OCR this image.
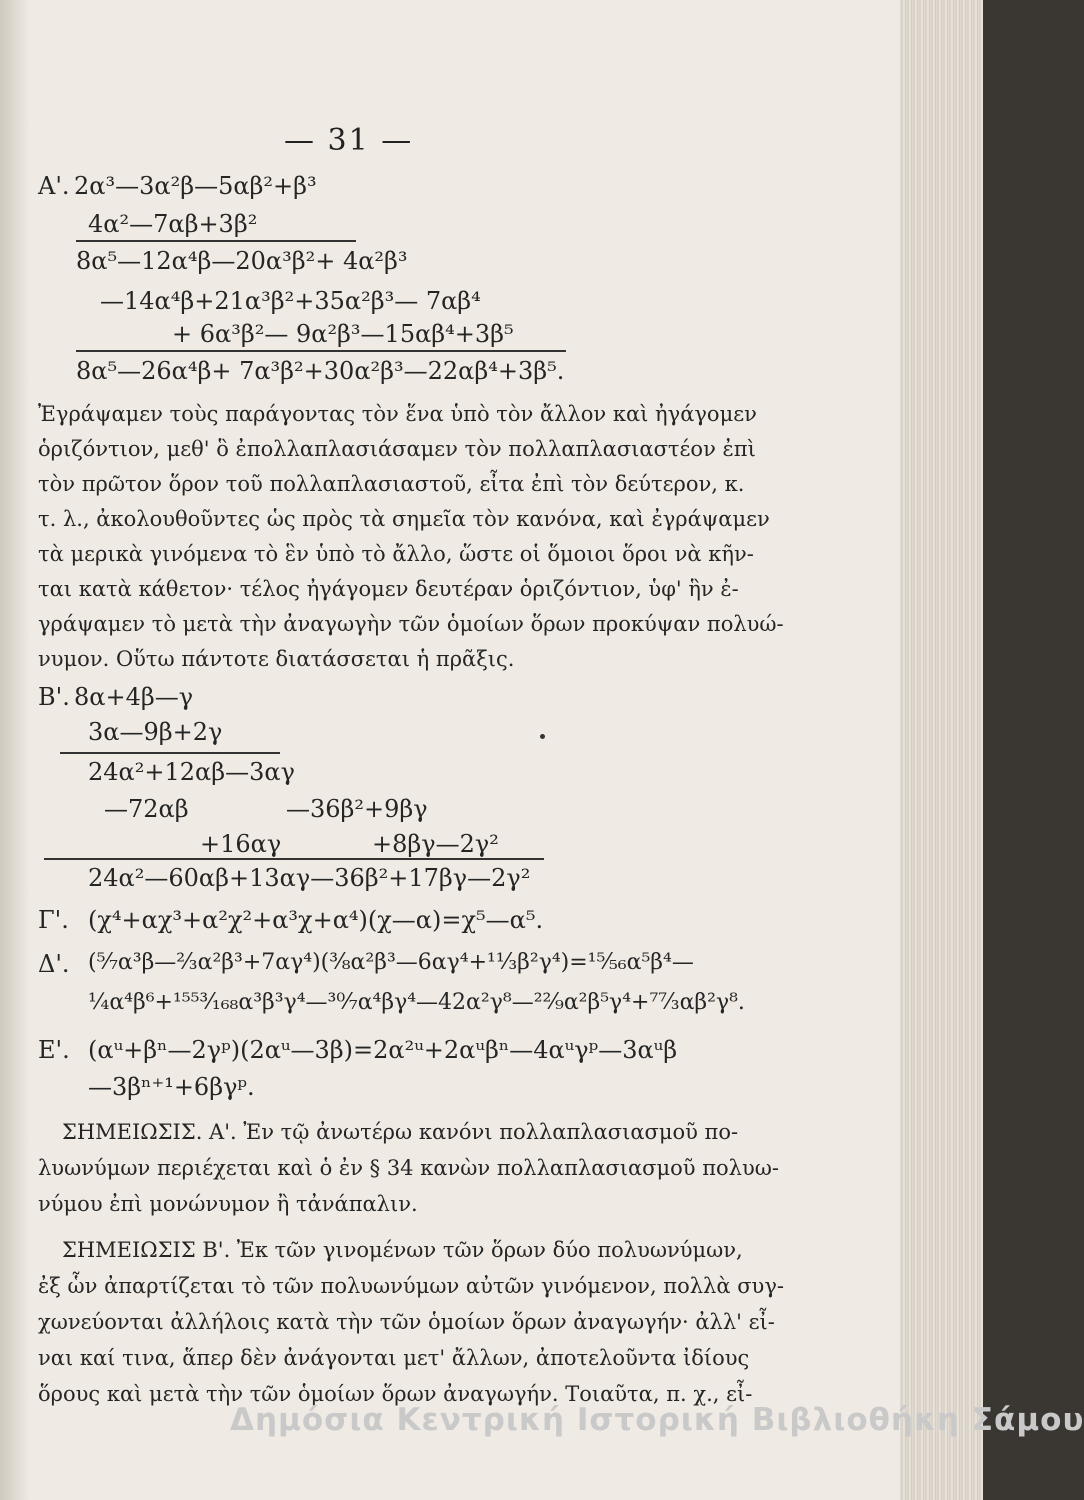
— 31 —
Α'. 2α³—3α²β—5αβ²+β³
4α²—7αβ+3β²
8α⁵—12α⁴β—20α³β²+ 4α²β³
—14α⁴β+21α³β²+35α²β³— 7αβ⁴
+ 6α³β²— 9α²β³—15αβ⁴+3β⁵
8α⁵—26α⁴β+ 7α³β²+30α²β³—22αβ⁴+3β⁵.
Ἐγράψαμεν τοὺς παράγοντας τὸν ἕνα ὑπὸ τὸν ἄλλον καὶ ἠγάγομεν
ὁριζόντιον, μεθ' ὃ ἐπολλαπλασιάσαμεν τὸν πολλαπλασιαστέον ἐπὶ
τὸν πρῶτον ὅρον τοῦ πολλαπλασιαστοῦ, εἶτα ἐπὶ τὸν δεύτερον, κ.
τ. λ., ἀκολουθοῦντες ὡς πρὸς τὰ σημεῖα τὸν κανόνα, καὶ ἐγράψαμεν
τὰ μερικὰ γινόμενα τὸ ἓν ὑπὸ τὸ ἄλλο, ὥστε οἱ ὅμοιοι ὅροι νὰ κῆν-
ται κατὰ κάθετον· τέλος ἠγάγομεν δευτέραν ὁριζόντιον, ὑφ' ἣν ἐ-
γράψαμεν τὸ μετὰ τὴν ἀναγωγὴν τῶν ὁμοίων ὅρων προκύψαν πολυώ-
νυμον. Οὕτω πάντοτε διατάσσεται ἡ πρᾶξις.
Β'. 8α+4β—γ
3α—9β+2γ
24α²+12αβ—3αγ
—72αβ	—36β²+9βγ
+16αγ	+8βγ—2γ²
24α²—60αβ+13αγ—36β²+17βγ—2γ²
Γ'. (χ⁴+αχ³+α²χ²+α³χ+α⁴)(χ—α)=χ⁵—α⁵.
Δ'. (⁵⁄₇α³β—²⁄₃α²β³+7αγ⁴)(³⁄₈α²β³—6αγ⁴+¹¹⁄₃β²γ⁴)=¹⁵⁄₅₆α⁵β⁴—
¼α⁴β⁶+¹⁵⁵³⁄₁₆₈α³β³γ⁴—³⁰⁄₇α⁴βγ⁴—42α²γ⁸—²²⁄₉α²β⁵γ⁴+⁷⁷⁄₃αβ²γ⁸.
Ε'. (αᵘ+βⁿ—2γᵖ)(2αᵘ—3β)=2α²ᵘ+2αᵘβⁿ—4αᵘγᵖ—3αᵘβ
—3βⁿ⁺¹+6βγᵖ.
ΣΗΜΕΙΩΣΙΣ. Α'. Ἐν τῷ ἀνωτέρω κανόνι πολλαπλασιασμοῦ πο-
λυωνύμων περιέχεται καὶ ὁ ἐν § 34 κανὼν πολλαπλασιασμοῦ πολυω-
νύμου ἐπὶ μονώνυμον ἢ τἀνάπαλιν.
ΣΗΜΕΙΩΣΙΣ Β'. Ἐκ τῶν γινομένων τῶν ὅρων δύο πολυωνύμων,
ἐξ ὧν ἀπαρτίζεται τὸ τῶν πολυωνύμων αὐτῶν γινόμενον, πολλὰ συγ-
χωνεύονται ἀλλήλοις κατὰ τὴν τῶν ὁμοίων ὅρων ἀναγωγήν· ἀλλ' εἶ-
ναι καί τινα, ἅπερ δὲν ἀνάγονται μετ' ἄλλων, ἀποτελοῦντα ἰδίους
ὅρους καὶ μετὰ τὴν τῶν ὁμοίων ὅρων ἀναγωγήν. Τοιαῦτα, π. χ., εἶ-
Δημόσια Κεντρική Ιστορική Βιβλιοθήκη Σάμου
